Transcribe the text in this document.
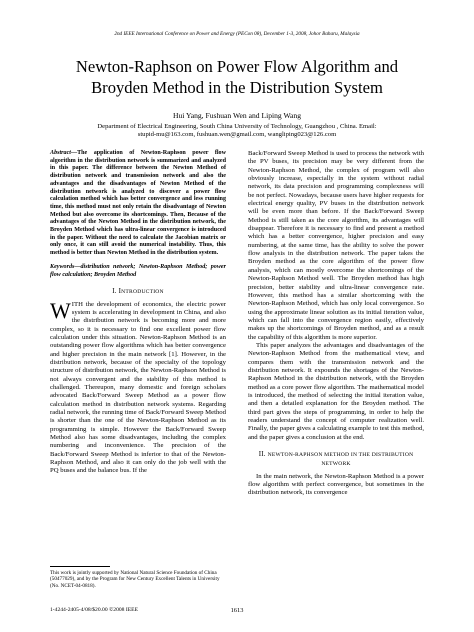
2nd IEEE International Conference on Power and Energy (PECon 08), December 1-3, 2008, Johor Baharu, Malaysia
Newton-Raphson on Power Flow Algorithm and
Broyden Method in the Distribution System
Hui Yang, Fushuan Wen and Liping Wang
Department of Electrical Engineering, South China University of Technology, Guangzhou , China. Email:
stupid-mu@163.com, fushuan.wen@gmail.com, wangliping023@126.com
Abstract—The application of Newton-Raphson power flow algorithm in the distribution network is summarized and analyzed in this paper. The difference between the Newton Method of distribution network and transmission network and also the advantages and the disadvantages of Newton Method of the distribution network is analyzed to discover a power flow calculation method which has better convergence and less running time, this method must not only retain the disadvantage of Newton Method but also overcome its shortcomings. Then, Because of the advantages of the Newton Method in the distribution network, the Broyden Method which has ultra-linear convergence is introduced in the paper. Without the need to calculate the Jacobian matrix or only once, it can still avoid the numerical instability. Thus, this method is better than Newton Method in the distribution system.
Keywords—distribution network; Newton-Raphson Method; power flow calculation; Broyden Method
I. INTRODUCTION

WITH the development of economics, the electric power system is accelerating in development in China, and also the distribution network is becoming more and more complex, so it is necessary to find one excellent power flow calculation under this situation. Newton-Raphson Method is an outstanding power flow algorithms which has better convergence and higher precision in the main network [1]. However, in the distribution network, because of the specialty of the topology structure of distribution network, the Newton-Raphson Method is not always convergent and the stability of this method is challenged. Thereupon, many domestic and foreign scholars advocated Back/Forward Sweep Method as a power flow calculation method in distribution network systems. Regarding radial network, the running time of Back/Forward Sweep Method is shorter than the one of the Newton-Raphson Method as its programming is simple. However the Back/Forward Sweep Method also has some disadvantages, including the complex numbering and inconvenience. The precision of the Back/Forward Sweep Method is inferior to that of the Newton-Raphson Method, and also it can only do the job well with the PQ buses and the balance bus. If the

Back/Forward Sweep Method is used to process the network with the PV buses, its precision may be very different from the Newton-Raphson Method, the complex of program will also obviously increase, especially in the system without radial network, its data precision and programming complexness will be not perfect. Nowadays, because users have higher requests for electrical energy quality, PV buses in the distribution network will be even more than before. If the Back/Forward Sweep Method is still taken as the core algorithm, its advantages will disappear. Therefore it is necessary to find and present a method which has a better convergence, higher precision and easy numbering, at the same time, has the ability to solve the power flow analysis in the distribution network. The paper takes the Broyden method as the core algorithm of the power flow analysis, which can mostly overcome the shortcomings of the Newton-Raphson Method well. The Broyden method has high precision, better stability and ultra-linear convergence rate. However, this method has a similar shortcoming with the Newton-Raphson Method, which has only local convergence. So using the approximate linear solution as its initial iteration value, which can fall into the convergence region easily, effectively makes up the shortcomings of Broyden method, and as a result the capability of this algorithm is more superior.

This paper analyzes the advantages and disadvantages of the Newton-Raphson Method from the mathematical view, and compares them with the transmission network and the distribution network. It expounds the shortages of the Newton-Raphson Method in the distribution network, with the Broyden method as a core power flow algorithm. The mathematical model is introduced, the method of selecting the initial iteration value, and then a detailed explanation for the Broyden method. The third part gives the steps of programming, in order to help the readers understand the concept of computer realization well. Finally, the paper gives a calculating example to test this method, and the paper gives a conclusion at the end.

II. NEWTON-RAPHSON METHOD IN THE DISTRIBUTION
NETWORK

In the main network, the Newton-Raphson Method is a power flow algorithm with perfect convergence, but sometimes in the distribution network, its convergence

This work is jointly supported by National Natural Science Foundation of China (50477029), and by the Program for New Century Excellent Talents in University (No. NCET-04-0818).
1-4244-2405-4/08/$20.00 ©2008 IEEE	1613
